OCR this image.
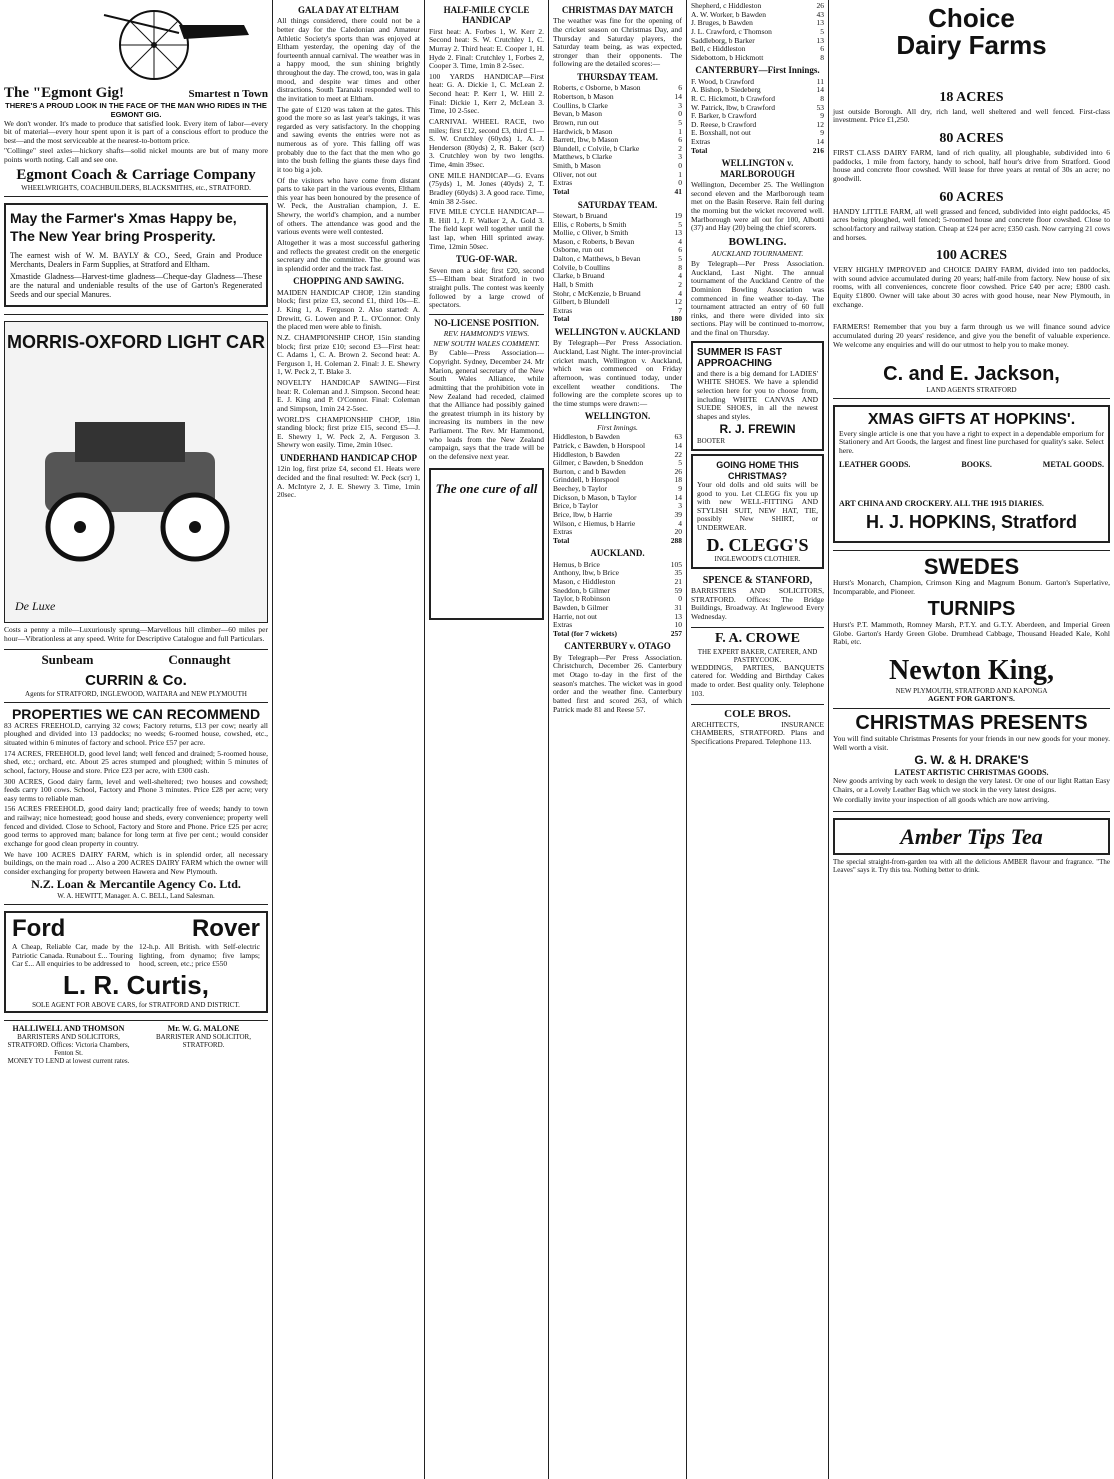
The "Egmont Gig!	Smartest n Town
THERE'S A PROUD LOOK IN THE FACE OF THE MAN WHO RIDES IN THE EGMONT GIG.

We don't wonder. It's made to produce that satisfied look. Every item of labor—every bit of material—every hour spent upon it is part of a conscious effort to produce the best—and the most serviceable at the nearest-to-bottom price.

"Collinge" steel axles—hickory shafts—solid nickel mounts are but of many more points worth noting. Call and see one.

Egmont Coach & Carriage Company
WHEELWRIGHTS, COACHBUILDERS, BLACKSMITHS, etc., STRATFORD.
May the Farmer's Xmas Happy be, The New Year bring Prosperity.

The earnest wish of W. M. BAYLY & CO., Seed, Grain and Produce Merchants, Dealers in Farm Supplies, at Stratford and Eltham.

Xmastide Gladness—Harvest-time gladness—Cheque-day Gladness—These are the natural and undeniable results of the use of Garton's Regenerated Seeds and our special Manures.

MORRIS-OXFORD LIGHT CAR
De Luxe

Costs a penny a mile—Luxuriously sprung—Marvellous hill climber—60 miles per hour—Vibrationless at any speed. Write for Descriptive Catalogue and full Particulars.

Sunbeam	Connaught
CURRIN & Co.
Agents for STRATFORD, INGLEWOOD, WAITARA and NEW PLYMOUTH
PROPERTIES WE CAN RECOMMEND

83 ACRES FREEHOLD, carrying 32 cows; Factory returns, £13 per cow; nearly all ploughed and divided into 13 paddocks; no weeds; 6-roomed house, cowshed, etc., situated within 6 minutes of factory and school. Price £57 per acre.

174 ACRES, FREEHOLD, good level land; well fenced and drained; 5-roomed house, shed, etc.; orchard, etc. About 25 acres stumped and ploughed; within 5 minutes of school, factory, House and store. Price £23 per acre, with £300 cash.

300 ACRES, Good dairy farm, level and well-sheltered; two houses and cowshed; feeds carry 100 cows. School, Factory and Phone 3 minutes. Price £28 per acre; very easy terms to reliable man.

156 ACRES FREEHOLD, good dairy land; practically free of weeds; handy to town and railway; nice homestead; good house and sheds, every convenience; property well fenced and divided. Close to School, Factory and Store and Phone. Price £25 per acre; good terms to approved man; balance for long term at five per cent.; would consider exchange for good clean property in country.

We have 100 ACRES DAIRY FARM, which is in splendid order, all necessary buildings, on the main road ... Also a 200 ACRES DAIRY FARM which the owner will consider exchanging for property between Hawera and New Plymouth.

N.Z. Loan & Mercantile Agency Co. Ltd.
W. A. HEWITT, Manager. A. C. BELL, Land Salesman.
Ford	Rover

A Cheap, Reliable Car, made by the Patriotic Canada. Runabout £... Touring Car £... All enquiries to be addressed to

12-h.p. All British. with Self-electric lighting, from dynamo; five lamps; hood, screen, etc.; price £550

L. R. Curtis,
SOLE AGENT FOR ABOVE CARS, for STRATFORD AND DISTRICT.
HALLIWELL AND THOMSON
BARRISTERS AND SOLICITORS, STRATFORD. Offices: Victoria Chambers, Fenton St.
MONEY TO LEND at lowest current rates.
Mr. W. G. MALONE
BARRISTER AND SOLICITOR, STRATFORD.
GALA DAY AT ELTHAM

All things considered, there could not be a better day for the Caledonian and Amateur Athletic Society's sports than was enjoyed at Eltham yesterday, the opening day of the fourteenth annual carnival. The weather was in a happy mood, the sun shining brightly throughout the day. The crowd, too, was in gala mood, and despite war times and other distractions, South Taranaki responded well to the invitation to meet at Eltham.

The gate of £120 was taken at the gates. This good the more so as last year's takings, it was regarded as very satisfactory. In the chopping and sawing events the entries were not as numerous as of yore. This falling off was probably due to the fact that the men who go into the bush felling the giants these days find it too big a job.

Of the visitors who have come from distant parts to take part in the various events, Eltham this year has been honoured by the presence of W. Peck, the Australian champion, J. E. Shewry, the world's champion, and a number of others. The attendance was good and the various events were well contested.

Altogether it was a most successful gathering and reflects the greatest credit on the energetic secretary and the committee. The ground was in splendid order and the track fast.

CHOPPING AND SAWING.

MAIDEN HANDICAP CHOP, 12in standing block; first prize £3, second £1, third 10s—E. J. King 1, A. Ferguson 2. Also started: A. Drewitt, G. Lowen and P. L. O'Connor. Only the placed men were able to finish.

N.Z. CHAMPIONSHIP CHOP, 15in standing block; first prize £10; second £3—First heat: C. Adams 1, C. A. Brown 2. Second heat: A. Ferguson 1, H. Coleman 2. Final: J. E. Shewry 1, W. Peck 2, T. Blake 3.

NOVELTY HANDICAP SAWING—First heat: R. Coleman and J. Simpson. Second heat: E. J. King and P. O'Connor. Final: Coleman and Simpson, 1min 24 2-5sec.

WORLD'S CHAMPIONSHIP CHOP, 18in standing block; first prize £15, second £5—J. E. Shewry 1, W. Peck 2, A. Ferguson 3. Shewry won easily. Time, 2min 10sec.

UNDERHAND HANDICAP CHOP

12in log, first prize £4, second £1. Heats were decided and the final resulted: W. Peck (scr) 1, A. McIntyre 2, J. E. Shewry 3. Time, 1min 20sec.

HALF-MILE CYCLE HANDICAP

First heat: A. Forbes 1, W. Kerr 2. Second heat: S. W. Crutchley 1, C. Murray 2. Third heat: E. Cooper 1, H. Hyde 2. Final: Crutchley 1, Forbes 2, Cooper 3. Time, 1min 8 2-5sec.

100 YARDS HANDICAP—First heat: G. A. Dickie 1, C. McLean 2. Second heat: P. Kerr 1, W. Hill 2. Final: Dickie 1, Kerr 2, McLean 3. Time, 10 2-5sec.

CARNIVAL WHEEL RACE, two miles; first £12, second £3, third £1—S. W. Crutchley (60yds) 1, A. J. Henderson (80yds) 2, R. Baker (scr) 3. Crutchley won by two lengths. Time, 4min 39sec.

ONE MILE HANDICAP—G. Evans (75yds) 1, M. Jones (40yds) 2, T. Bradley (60yds) 3. A good race. Time, 4min 38 2-5sec.

FIVE MILE CYCLE HANDICAP—R. Hill 1, J. F. Walker 2, A. Gold 3. The field kept well together until the last lap, when Hill sprinted away. Time, 12min 50sec.

TUG-OF-WAR.

Seven men a side; first £20, second £5—Eltham beat Stratford in two straight pulls. The contest was keenly followed by a large crowd of spectators.

NO-LICENSE POSITION.
REV. HAMMOND'S VIEWS.
NEW SOUTH WALES COMMENT.

By Cable—Press Association—Copyright. Sydney, December 24. Mr Marion, general secretary of the New South Wales Alliance, while admitting that the prohibition vote in New Zealand had receded, claimed that the Alliance had possibly gained the greatest triumph in its history by increasing its numbers in the new Parliament. The Rev. Mr Hammond, who leads from the New Zealand campaign, says that the trade will be on the defensive next year.

The one cure of all
CHRISTMAS DAY MATCH

The weather was fine for the opening of the cricket season on Christmas Day, and Thursday and Saturday players, the Saturday team being, as was expected, stronger than their opponents. The following are the detailed scores:—

THURSDAY TEAM.
Roberts, c Osborne, b Mason	6
Robertson, b Mason	14
Coullins, b Clarke	3
Bevan, b Mason	0
Brown, run out	5
Hardwick, b Mason	1
Barrett, lbw, b Mason	6
Blundell, c Colvile, b Clarke	2
Matthews, b Clarke	3
Smith, b Mason	0
Oliver, not out	1
Extras	0
Total	41
SATURDAY TEAM.
Stewart, b Bruand	19
Ellis, c Roberts, b Smith	5
Mollie, c Oliver, b Smith	13
Mason, c Roberts, b Bevan	4
Osborne, run out	6
Dalton, c Matthews, b Bevan	5
Colvile, b Coullins	8
Clarke, b Bruand	4
Hall, b Smith	2
Stohr, c McKenzie, b Bruand	4
Gilbert, b Blundell	12
Extras	7
Total	180
WELLINGTON v. AUCKLAND

By Telegraph—Per Press Association. Auckland, Last Night. The inter-provincial cricket match, Wellington v. Auckland, which was commenced on Friday afternoon, was continued today, under excellent weather conditions. The following are the complete scores up to the time stumps were drawn:—

WELLINGTON.
First Innings.
Hiddleston, b Bawden	63
Patrick, c Bawden, b Horspool	14
Hiddleston, b Bawden	22
Gilmer, c Bawden, b Sneddon	5
Burton, c and b Bawden	26
Grinddell, b Horspool	18
Beechey, b Taylor	9
Dickson, b Mason, b Taylor	14
Brice, b Taylor	3
Brice, lbw, b Harrie	39
Wilson, c Hiemus, b Harrie	4
Extras	20
Total	288
AUCKLAND.
Hemus, b Brice	105
Anthony, lbw, b Brice	35
Mason, c Hiddleston	21
Sneddon, b Gilmer	59
Taylor, b Robinson	0
Bawden, b Gilmer	31
Harrie, not out	13
Extras	10
Total (for 7 wickets)	257
CANTERBURY v. OTAGO

By Telegraph—Per Press Association. Christchurch, December 26. Canterbury met Otago to-day in the first of the season's matches. The wicket was in good order and the weather fine. Canterbury batted first and scored 263, of which Patrick made 81 and Reese 57.

Shepherd, c Hiddleston	26
A. W. Worker, b Bawden	43
J. Bruges, b Bawden	13
J. L. Crawford, c Thomson	5
Saddleborg, b Barker	13
Bell, c Hiddleston	6
Sidebottom, b Hickmott	8
CANTERBURY—First Innings.
F. Wood, b Crawford	11
A. Bishop, b Siedeberg	14
R. C. Hickmott, b Crawford	8
W. Patrick, lbw, b Crawford	53
F. Barker, b Crawford	9
D. Reese, b Crawford	12
E. Boxshall, not out	9
Extras	14
Total	216
WELLINGTON v. MARLBOROUGH

Wellington, December 25. The Wellington second eleven and the Marlborough team met on the Basin Reserve. Rain fell during the morning but the wicket recovered well. Marlborough were all out for 100, Albotti (37) and Hay (20) being the chief scorers.

BOWLING.
AUCKLAND TOURNAMENT.

By Telegraph—Per Press Association. Auckland, Last Night. The annual tournament of the Auckland Centre of the Dominion Bowling Association was commenced in fine weather to-day. The tournament attracted an entry of 60 full rinks, and there were divided into six sections. Play will be continued to-morrow, and the final on Thursday.

SUMMER IS FAST APPROACHING

and there is a big demand for LADIES' WHITE SHOES. We have a splendid selection here for you to choose from, including WHITE CANVAS AND SUEDE SHOES, in all the newest shapes and styles.

R. J. FREWIN
BOOTER
GOING HOME THIS CHRISTMAS?

Your old dolls and old suits will be good to you. Let CLEGG fix you up with new WELL-FITTING AND STYLISH SUIT, NEW HAT, TIE, possibly New SHIRT, or UNDERWEAR.

D. CLEGG'S
INGLEWOOD'S CLOTHIER.
SPENCE & STANFORD,

BARRISTERS AND SOLICITORS, STRATFORD. Offices: The Bridge Buildings, Broadway. At Inglewood Every Wednesday.

F. A. CROWE
THE EXPERT BAKER, CATERER, AND PASTRYCOOK.

WEDDINGS, PARTIES, BANQUETS catered for. Wedding and Birthday Cakes made to order. Best quality only. Telephone 103.

COLE BROS.

ARCHITECTS, INSURANCE CHAMBERS, STRATFORD. Plans and Specifications Prepared. Telephone 113.

Choice
Dairy Farms
18 ACRES

just outside Borough. All dry, rich land, well sheltered and well fenced. First-class investment. Price £1,250.

80 ACRES

FIRST CLASS DAIRY FARM, land of rich quality, all ploughable, subdivided into 6 paddocks, 1 mile from factory, handy to school, half hour's drive from Stratford. Good house and concrete floor cowshed. Will lease for three years at rental of 30s an acre; no goodwill.

60 ACRES

HANDY LITTLE FARM, all well grassed and fenced, subdivided into eight paddocks, 45 acres being ploughed, well fenced; 5-roomed house and concrete floor cowshed. Close to school/factory and railway station. Cheap at £24 per acre; £350 cash. Now carrying 21 cows and horses.

100 ACRES

VERY HIGHLY IMPROVED and CHOICE DAIRY FARM, divided into ten paddocks, with sound advice accumulated during 20 years; half-mile from factory. New house of six rooms, with all conveniences, concrete floor cowshed. Price £40 per acre; £800 cash. Equity £1800. Owner will take about 30 acres with good house, near New Plymouth, in exchange.

FARMERS! Remember that you buy a farm through us we will finance sound advice accumulated during 20 years' residence, and give you the benefit of valuable experience. We welcome any enquiries and will do our utmost to help you to make money.

C. and E. Jackson,
LAND AGENTS STRATFORD
XMAS GIFTS AT HOPKINS'.

Every single article is one that you have a right to expect in a dependable emporium for Stationery and Art Goods, the largest and finest line purchased for quality's sake. Select here.

LEATHER GOODS.	BOOKS.	METAL GOODS.
ART CHINA AND CROCKERY. ALL THE 1915 DIARIES.
H. J. HOPKINS, Stratford
SWEDES

Hurst's Monarch, Champion, Crimson King and Magnum Bonum. Garton's Superlative, Incomparable, and Pioneer.

TURNIPS

Hurst's P.T. Mammoth, Romney Marsh, P.T.Y. and G.T.Y. Aberdeen, and Imperial Green Globe. Garton's Hardy Green Globe. Drumhead Cabbage, Thousand Headed Kale, Kohl Rabi, etc.

Newton King,
NEW PLYMOUTH, STRATFORD AND KAPONGA
AGENT FOR GARTON'S.
CHRISTMAS PRESENTS

You will find suitable Christmas Presents for your friends in our new goods for your money. Well worth a visit.

G. W. & H. DRAKE'S
LATEST ARTISTIC CHRISTMAS GOODS.

New goods arriving by each week to design the very latest. Or one of our light Rattan Easy Chairs, or a Lovely Leather Bag which we stock in the very latest designs.

We cordially invite your inspection of all goods which are now arriving.

Amber Tips Tea

The special straight-from-garden tea with all the delicious AMBER flavour and fragrance. "The Leaves" says it. Try this tea. Nothing better to drink.
